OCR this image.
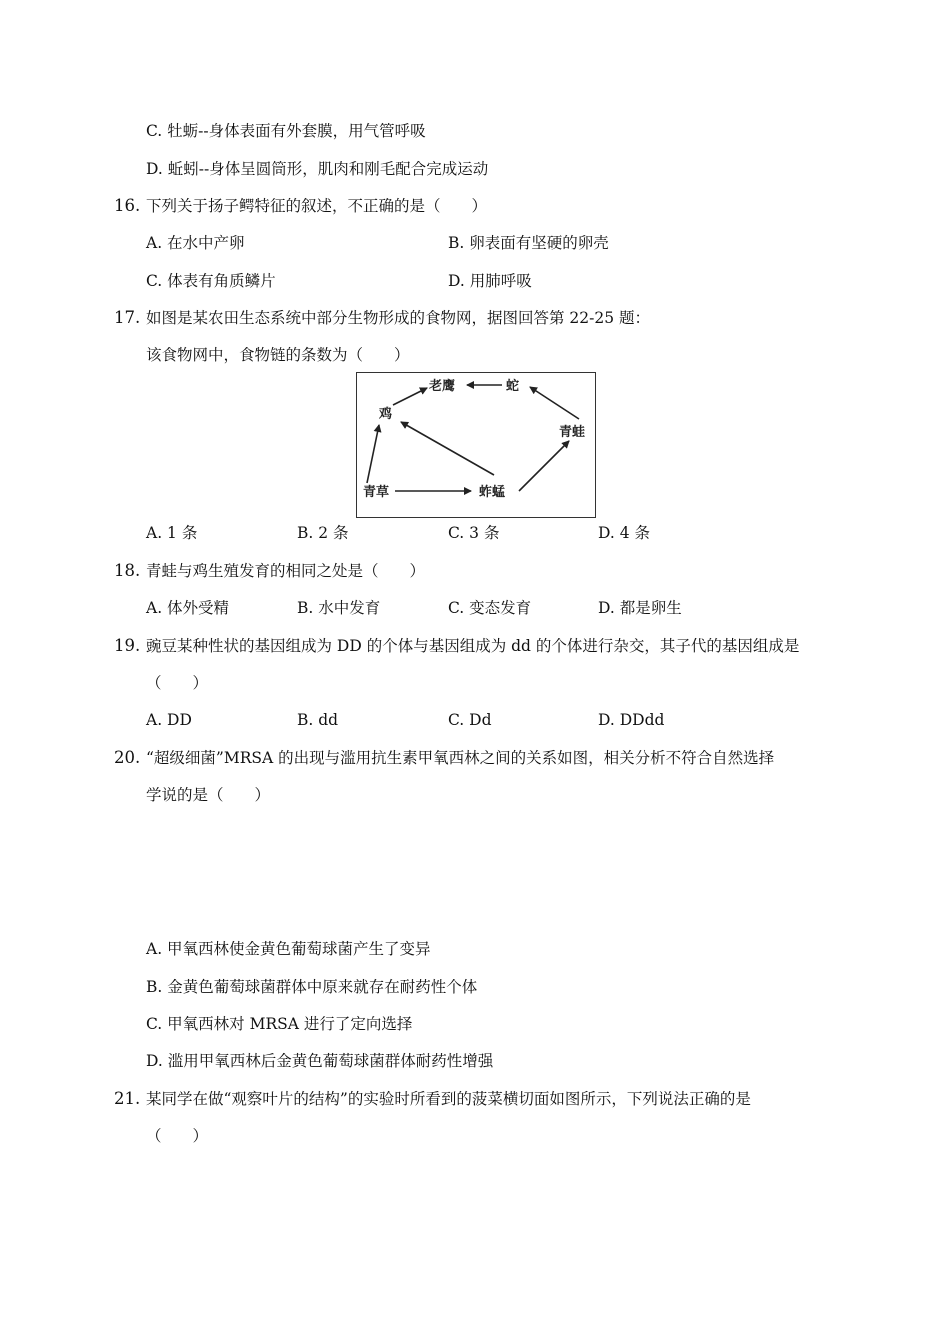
C. 牡蛎--身体表面有外套膜，用气管呼吸
D. 蚯蚓--身体呈圆筒形，肌肉和刚毛配合完成运动
16. 下列关于扬子鳄特征的叙述，不正确的是（　　）
A. 在水中产卵	B. 卵表面有坚硬的卵壳
C. 体表有角质鳞片	D. 用肺呼吸
17. 如图是某农田生态系统中部分生物形成的食物网，据图回答第 22-25 题：
该食物网中，食物链的条数为（　　）
老鹰	蛇
鸡
青蛙
青草	蚱蜢
A. 1 条	B. 2 条	C. 3 条	D. 4 条
18. 青蛙与鸡生殖发育的相同之处是（　　）
A. 体外受精	B. 水中发育	C. 变态发育	D. 都是卵生
19. 豌豆某种性状的基因组成为 DD 的个体与基因组成为 dd 的个体进行杂交，其子代的基因组成是
（　　）
A. DD	B. dd	C. Dd	D. DDdd
20. “超级细菌”MRSA 的出现与滥用抗生素甲氧西林之间的关系如图，相关分析不符合自然选择
学说的是（　　）
A. 甲氧西林使金黄色葡萄球菌产生了变异
B. 金黄色葡萄球菌群体中原来就存在耐药性个体
C. 甲氧西林对 MRSA 进行了定向选择
D. 滥用甲氧西林后金黄色葡萄球菌群体耐药性增强
21. 某同学在做“观察叶片的结构”的实验时所看到的菠菜横切面如图所示，下列说法正确的是
（　　）
